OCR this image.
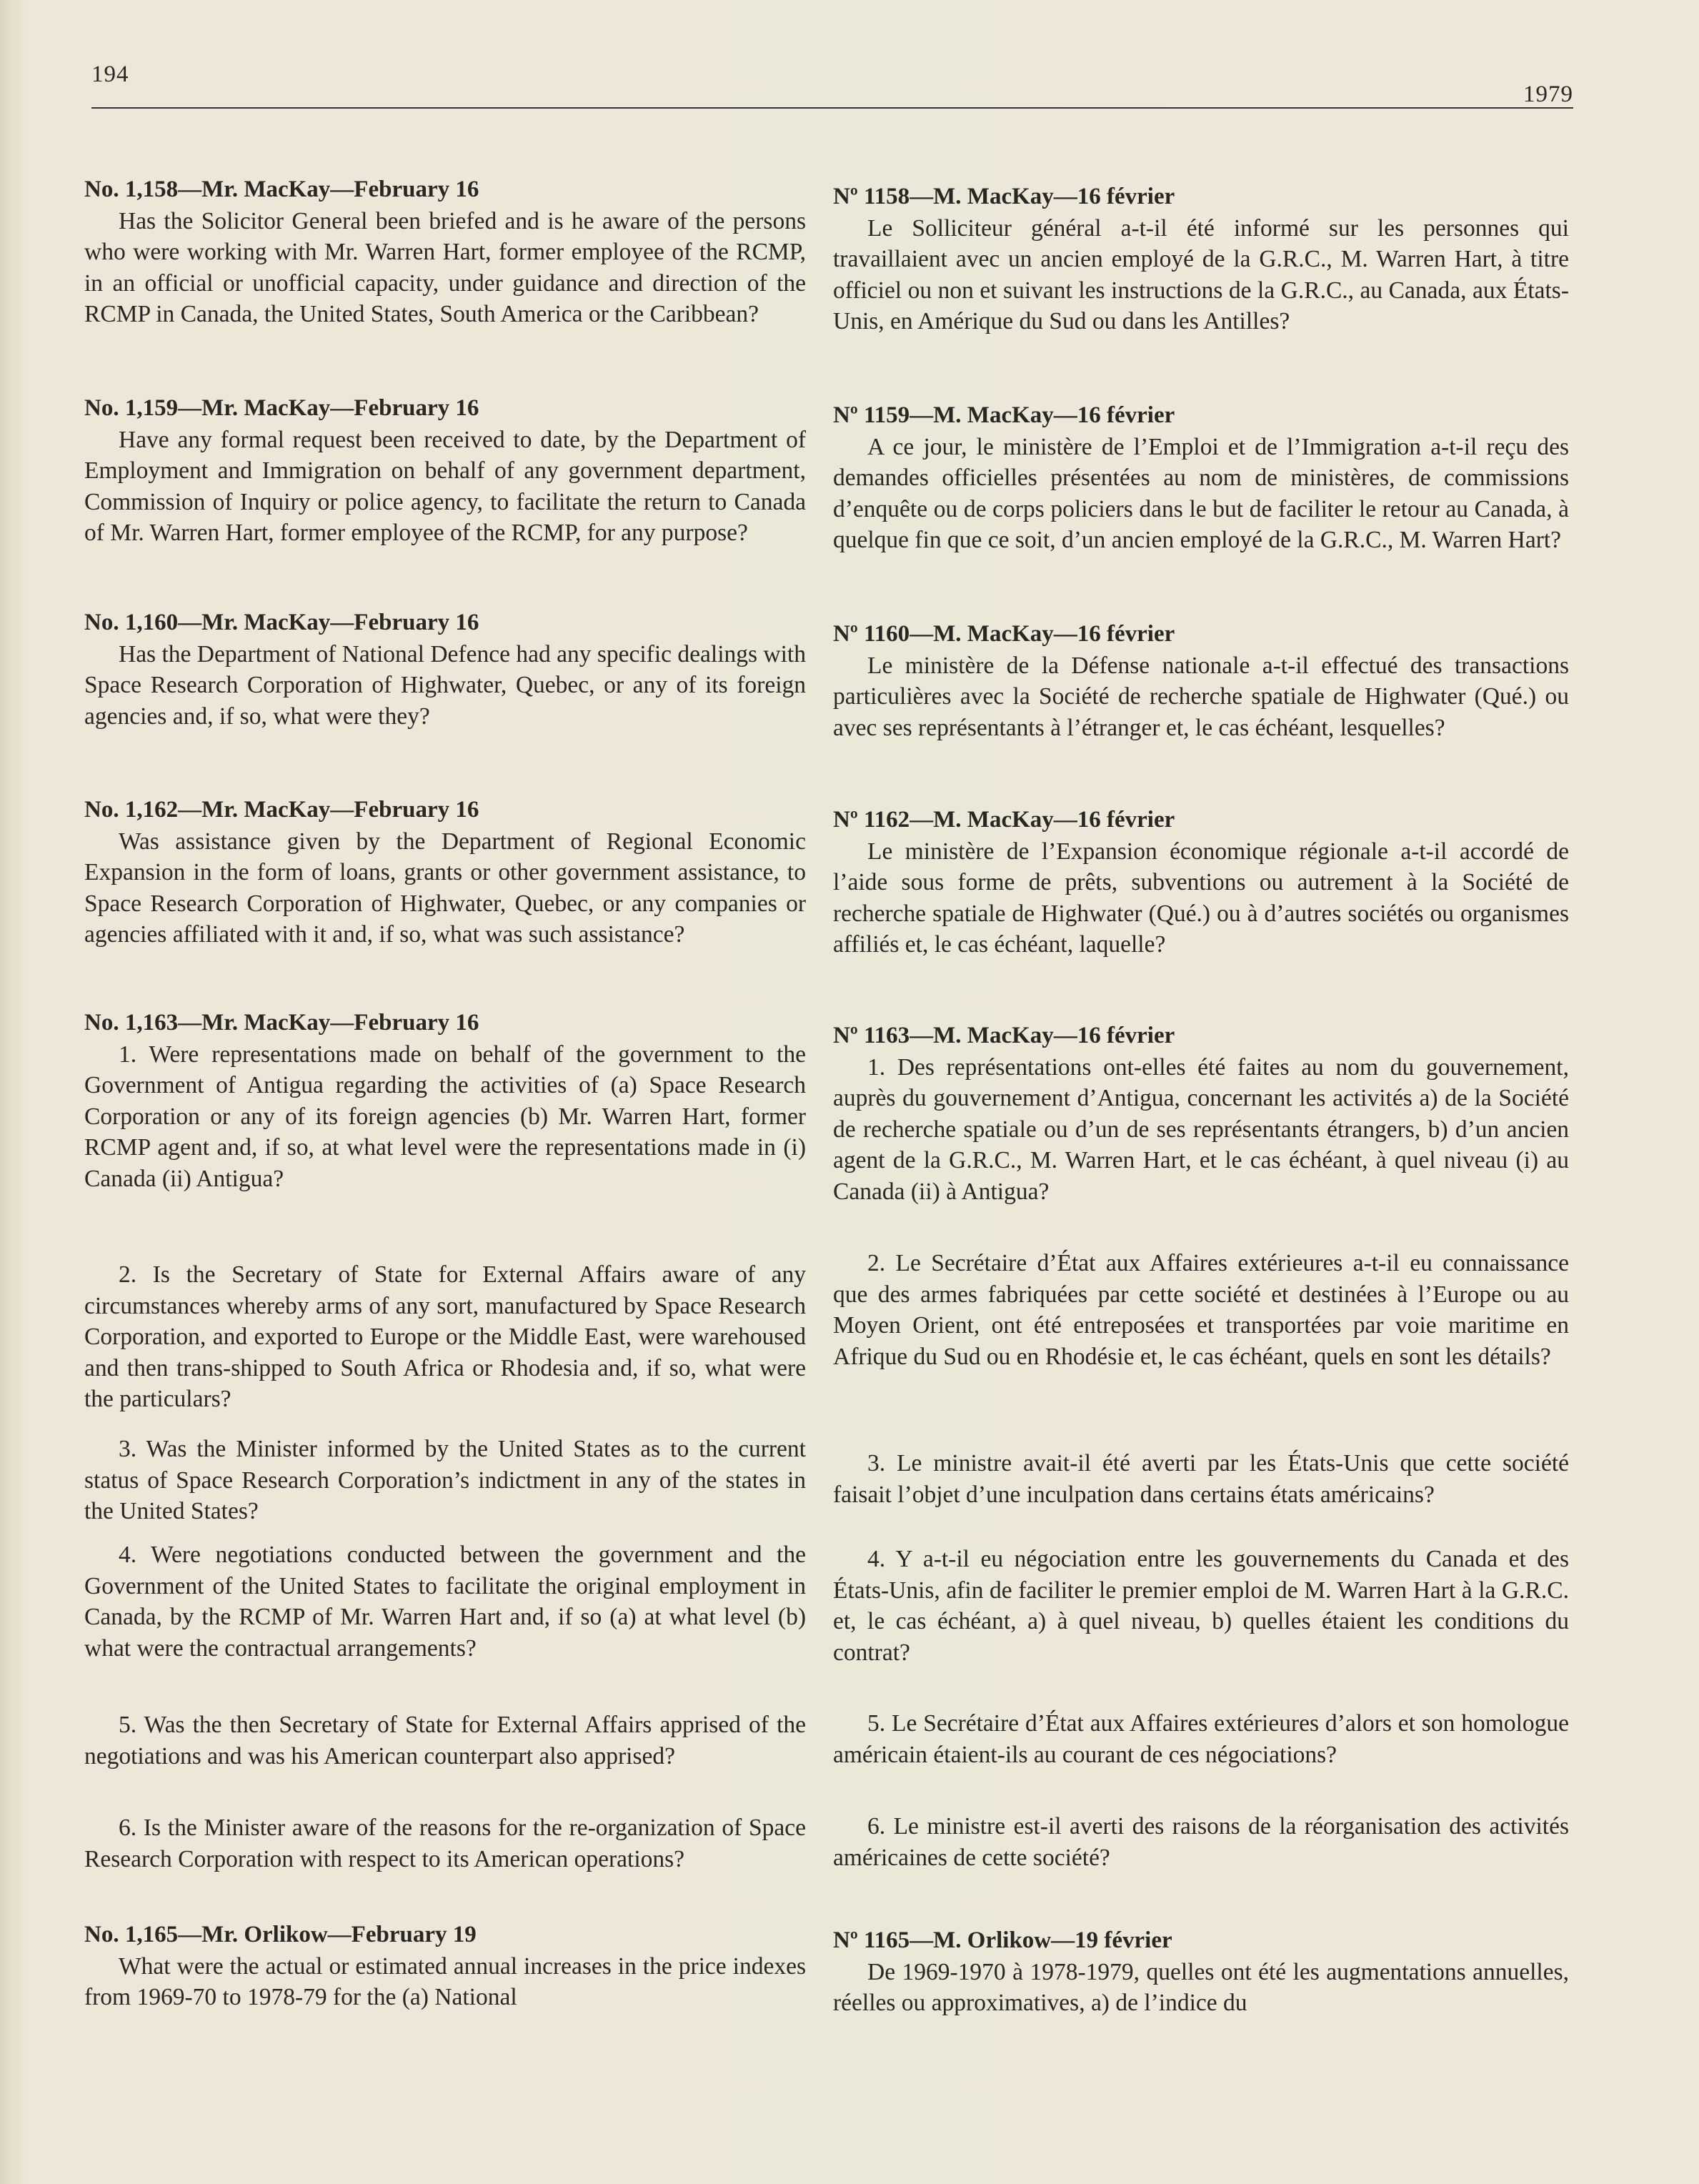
194
1979

No. 1,158—Mr. MacKay—February 16

Has the Solicitor General been briefed and is he aware of the persons who were working with Mr. Warren Hart, former employee of the RCMP, in an official or unofficial capacity, under guidance and direction of the RCMP in Canada, the United States, South America or the Caribbean?

No. 1,159—Mr. MacKay—February 16

Have any formal request been received to date, by the Department of Employment and Immigration on behalf of any government department, Commission of Inquiry or police agency, to facilitate the return to Canada of Mr. Warren Hart, former employee of the RCMP, for any purpose?

No. 1,160—Mr. MacKay—February 16

Has the Department of National Defence had any specific dealings with Space Research Corporation of Highwater, Quebec, or any of its foreign agencies and, if so, what were they?

No. 1,162—Mr. MacKay—February 16

Was assistance given by the Department of Regional Economic Expansion in the form of loans, grants or other government assistance, to Space Research Corporation of Highwater, Quebec, or any companies or agencies affiliated with it and, if so, what was such assistance?

No. 1,163—Mr. MacKay—February 16

1. Were representations made on behalf of the government to the Government of Antigua regarding the activities of (a) Space Research Corporation or any of its foreign agencies (b) Mr. Warren Hart, former RCMP agent and, if so, at what level were the representations made in (i) Canada (ii) Antigua?

2. Is the Secretary of State for External Affairs aware of any circumstances whereby arms of any sort, manufactured by Space Research Corporation, and exported to Europe or the Middle East, were warehoused and then trans-shipped to South Africa or Rhodesia and, if so, what were the particulars?

3. Was the Minister informed by the United States as to the current status of Space Research Corporation’s indictment in any of the states in the United States?

4. Were negotiations conducted between the government and the Government of the United States to facilitate the original employment in Canada, by the RCMP of Mr. Warren Hart and, if so (a) at what level (b) what were the contractual arrangements?

5. Was the then Secretary of State for External Affairs apprised of the negotiations and was his American counterpart also apprised?

6. Is the Minister aware of the reasons for the re-organization of Space Research Corporation with respect to its American operations?

No. 1,165—Mr. Orlikow—February 19

What were the actual or estimated annual increases in the price indexes from 1969-70 to 1978-79 for the (a) National

Nº 1158—M. MacKay—16 février

Le Solliciteur général a-t-il été informé sur les personnes qui travaillaient avec un ancien employé de la G.R.C., M. Warren Hart, à titre officiel ou non et suivant les instructions de la G.R.C., au Canada, aux États-Unis, en Amérique du Sud ou dans les Antilles?

Nº 1159—M. MacKay—16 février

A ce jour, le ministère de l’Emploi et de l’Immigration a-t-il reçu des demandes officielles présentées au nom de ministères, de commissions d’enquête ou de corps policiers dans le but de faciliter le retour au Canada, à quelque fin que ce soit, d’un ancien employé de la G.R.C., M. Warren Hart?

Nº 1160—M. MacKay—16 février

Le ministère de la Défense nationale a-t-il effectué des transactions particulières avec la Société de recherche spatiale de Highwater (Qué.) ou avec ses représentants à l’étranger et, le cas échéant, lesquelles?

Nº 1162—M. MacKay—16 février

Le ministère de l’Expansion économique régionale a-t-il accordé de l’aide sous forme de prêts, subventions ou autrement à la Société de recherche spatiale de Highwater (Qué.) ou à d’autres sociétés ou organismes affiliés et, le cas échéant, laquelle?

Nº 1163—M. MacKay—16 février

1. Des représentations ont-elles été faites au nom du gouvernement, auprès du gouvernement d’Antigua, concernant les activités a) de la Société de recherche spatiale ou d’un de ses représentants étrangers, b) d’un ancien agent de la G.R.C., M. Warren Hart, et le cas échéant, à quel niveau (i) au Canada (ii) à Antigua?

2. Le Secrétaire d’État aux Affaires extérieures a-t-il eu connaissance que des armes fabriquées par cette société et destinées à l’Europe ou au Moyen Orient, ont été entreposées et transportées par voie maritime en Afrique du Sud ou en Rhodésie et, le cas échéant, quels en sont les détails?

3. Le ministre avait-il été averti par les États-Unis que cette société faisait l’objet d’une inculpation dans certains états américains?

4. Y a-t-il eu négociation entre les gouvernements du Canada et des États-Unis, afin de faciliter le premier emploi de M. Warren Hart à la G.R.C. et, le cas échéant, a) à quel niveau, b) quelles étaient les conditions du contrat?

5. Le Secrétaire d’État aux Affaires extérieures d’alors et son homologue américain étaient-ils au courant de ces négociations?

6. Le ministre est-il averti des raisons de la réorganisation des activités américaines de cette société?

Nº 1165—M. Orlikow—19 février

De 1969-1970 à 1978-1979, quelles ont été les augmentations annuelles, réelles ou approximatives, a) de l’indice du
